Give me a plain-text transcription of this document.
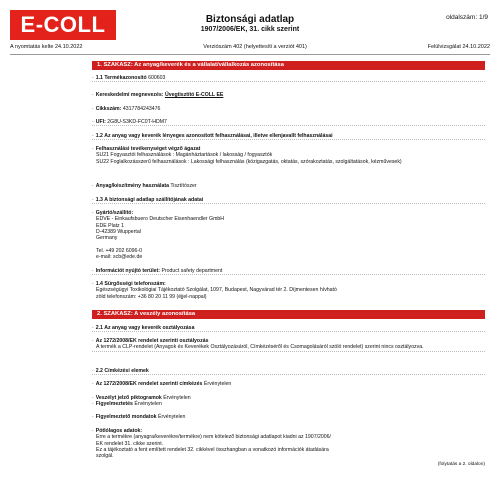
E-COLL	Biztonsági adatlap
1907/2006/EK, 31. cikk szerint
oldalszám: 1/9
A nyomtatás kelte 24.10.2022	Verziószám 402 (helyettesíti a verziót 401)	Felülvizsgálat 24.10.2022
1. SZAKASZ: Az anyag/keverék és a vállalat/vállalkozás azonosítása
· 1.1 Termékazonosító 600603
· Kereskedelmi megnevezés: Üvegtisztító E-COLL EE
· Cikkszám: 4317784243476
· UFI: 2G8U-S3KD-FC0T-HDM7
· 1.2 Az anyag vagy keverék lényeges azonosított felhasználásai, illetve ellenjavallt felhasználásai
· Felhasználási tevékenységet végző ágazat
SU21 Fogyasztói felhasználások : Magánháztartások / lakosság / fogyasztók
SU22 Foglalkozásszerű felhasználások : Lakossági felhasználás (közigazgatás, oktatás, szórakoztatás, szolgáltatások, kézművesek)
· Anyag/készítmény használata Tisztítószer
· 1.3 A biztonsági adatlap szállítójának adatai
· Gyártó/szállító:
EDVE - Einkaufsbuero Deutscher Eisenhaendler GmbH
EDE Platz 1
D-42389 Wuppertal
Germany

Tel. +49 202 6096-0
e-mail: scb@ede.de
· Információt nyújtó terület: Product safety department
· 1.4 Sürgősségi telefonszám:
Egészségügyi Toxikológiai Tájékoztató Szolgálat, 1097, Budapest, Nagyvárad tér 2. Díjmentesen hívható
zöld telefonszám: +36 80 20 11 99 (éjjel-nappal)
2. SZAKASZ: A veszély azonosítása
· 2.1 Az anyag vagy keverék osztályozása
· Az 1272/2008/EK rendelet szerinti osztályozás
A termék a CLP-rendelet (Anyagok és Keverékek Osztályozásáról, Címkézéséről és Csomagolásáról szóló rendelet) szerint nincs osztályozva.
· 2.2 Címkézési elemek
· Az 1272/2008/EK rendelet szerinti címkézés Érvénytelen
· Veszélyt jelző piktogramok Érvénytelen
· Figyelmeztetés Érvénytelen
· Figyelmeztető mondatok Érvénytelen
· Pótlólagos adatok:
Erre a termékre (anyagra/keverékre/termékre) nem kötelező biztonsági adatlapot kiadni az 1907/2006/
EK rendelet 31. cikke szerint.
Ez a tájékoztató a fent említett rendelet 32. cikkével összhangban a vonatkozó információk átadására
szolgál.
(folytatás a 2. oldalon)
